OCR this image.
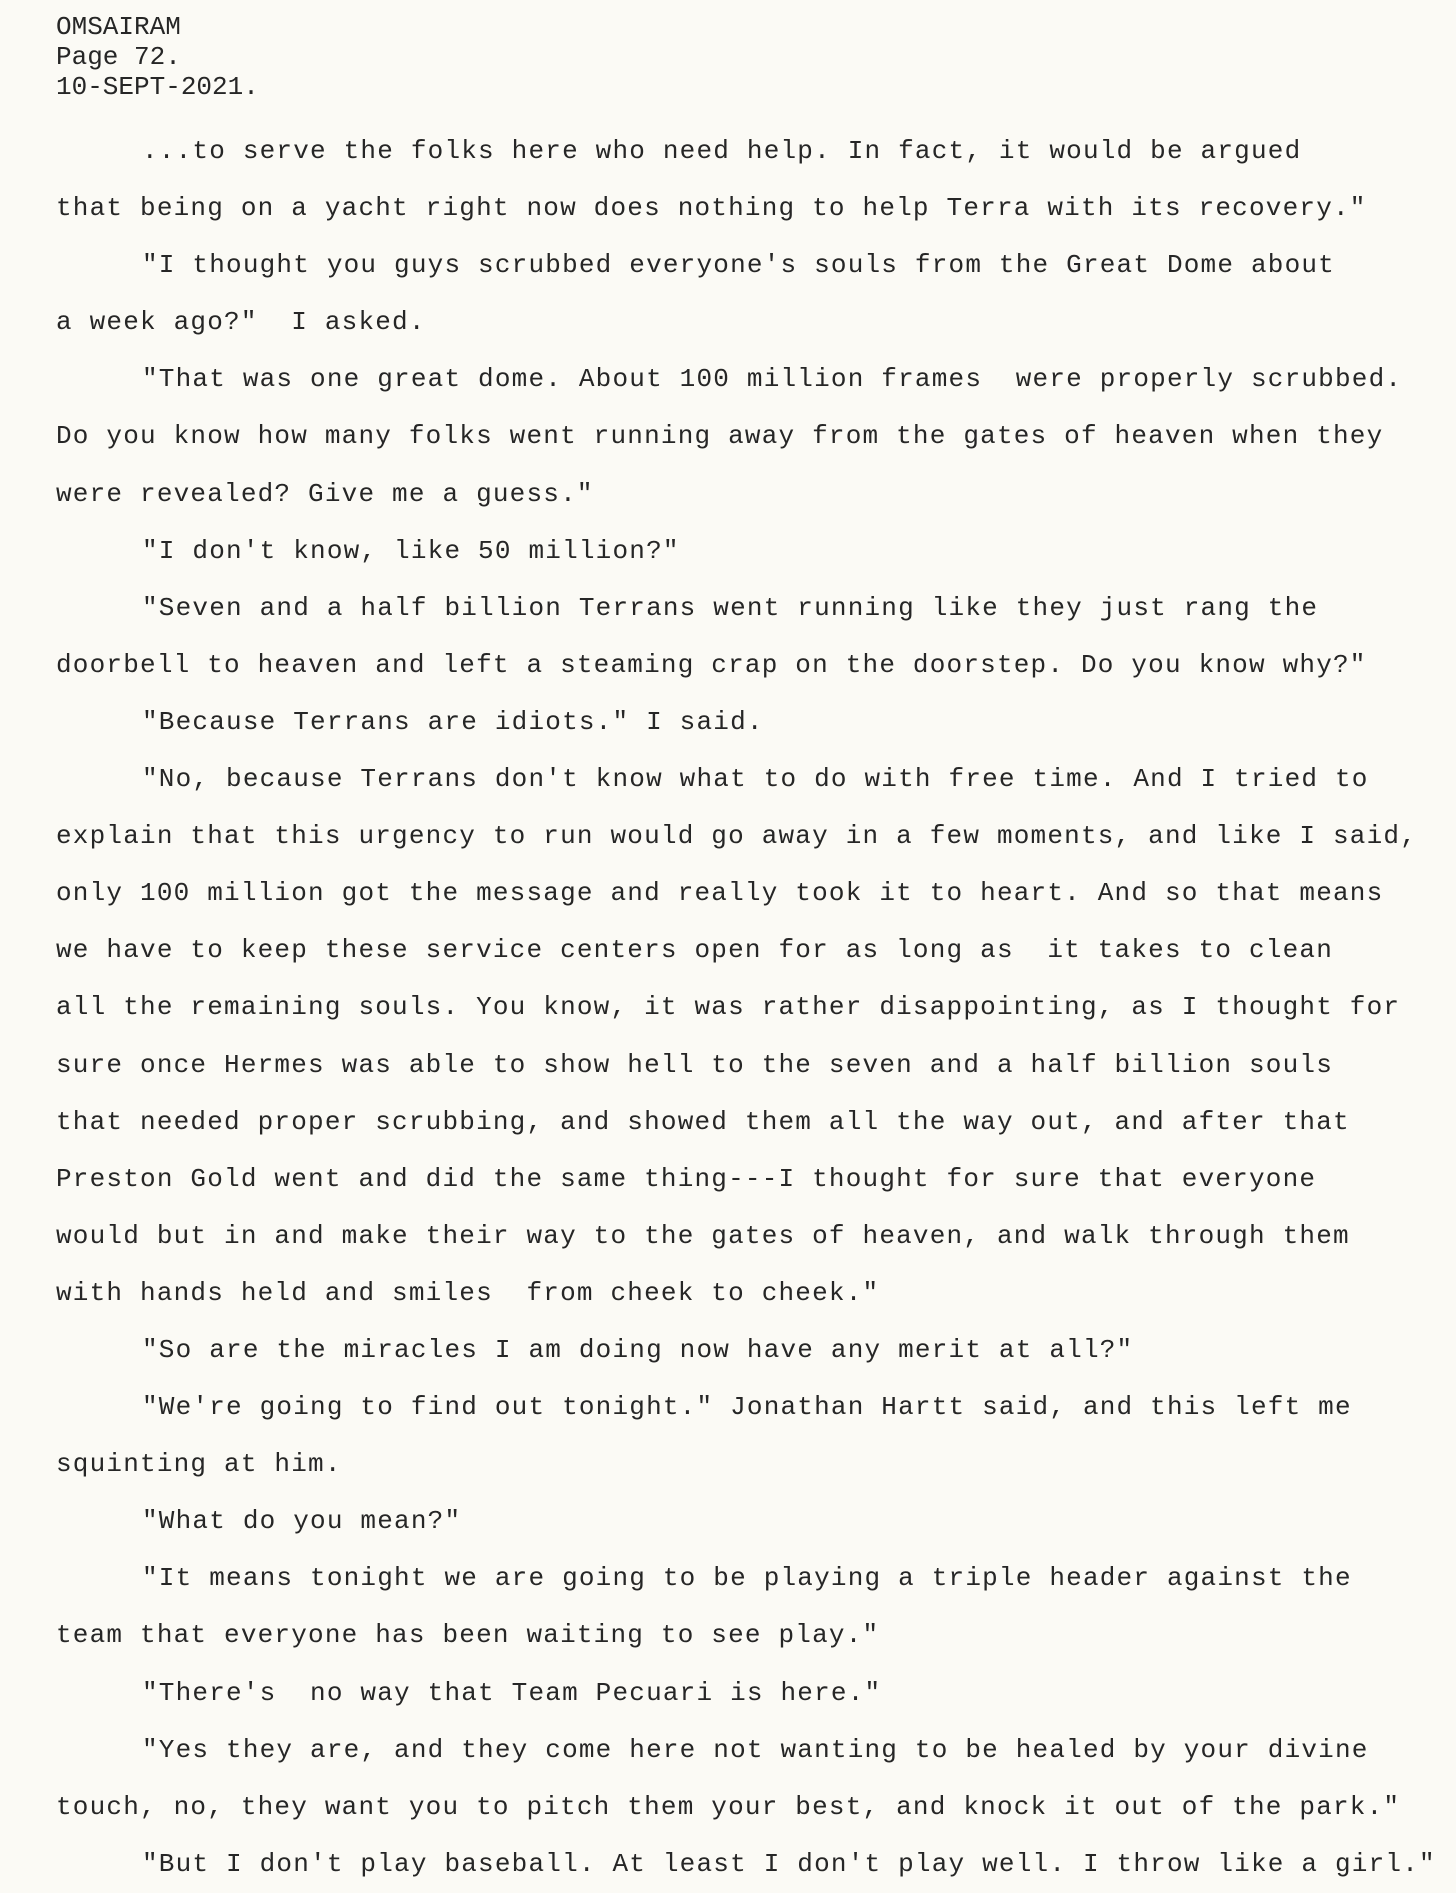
OMSAIRAM
Page 72.
10-SEPT-2021.
...to serve the folks here who need help. In fact, it would be argued
that being on a yacht right now does nothing to help Terra with its recovery."
"I thought you guys scrubbed everyone's souls from the Great Dome about
a week ago?"  I asked.
"That was one great dome. About 100 million frames  were properly scrubbed.
Do you know how many folks went running away from the gates of heaven when they
were revealed? Give me a guess."
"I don't know, like 50 million?"
"Seven and a half billion Terrans went running like they just rang the
doorbell to heaven and left a steaming crap on the doorstep. Do you know why?"
"Because Terrans are idiots." I said.
"No, because Terrans don't know what to do with free time. And I tried to
explain that this urgency to run would go away in a few moments, and like I said,
only 100 million got the message and really took it to heart. And so that means
we have to keep these service centers open for as long as  it takes to clean
all the remaining souls. You know, it was rather disappointing, as I thought for
sure once Hermes was able to show hell to the seven and a half billion souls
that needed proper scrubbing, and showed them all the way out, and after that
Preston Gold went and did the same thing---I thought for sure that everyone
would but in and make their way to the gates of heaven, and walk through them
with hands held and smiles  from cheek to cheek."
"So are the miracles I am doing now have any merit at all?"
"We're going to find out tonight." Jonathan Hartt said, and this left me
squinting at him.
"What do you mean?"
"It means tonight we are going to be playing a triple header against the
team that everyone has been waiting to see play."
"There's  no way that Team Pecuari is here."
"Yes they are, and they come here not wanting to be healed by your divine
touch, no, they want you to pitch them your best, and knock it out of the park."
"But I don't play baseball. At least I don't play well. I throw like a girl."
